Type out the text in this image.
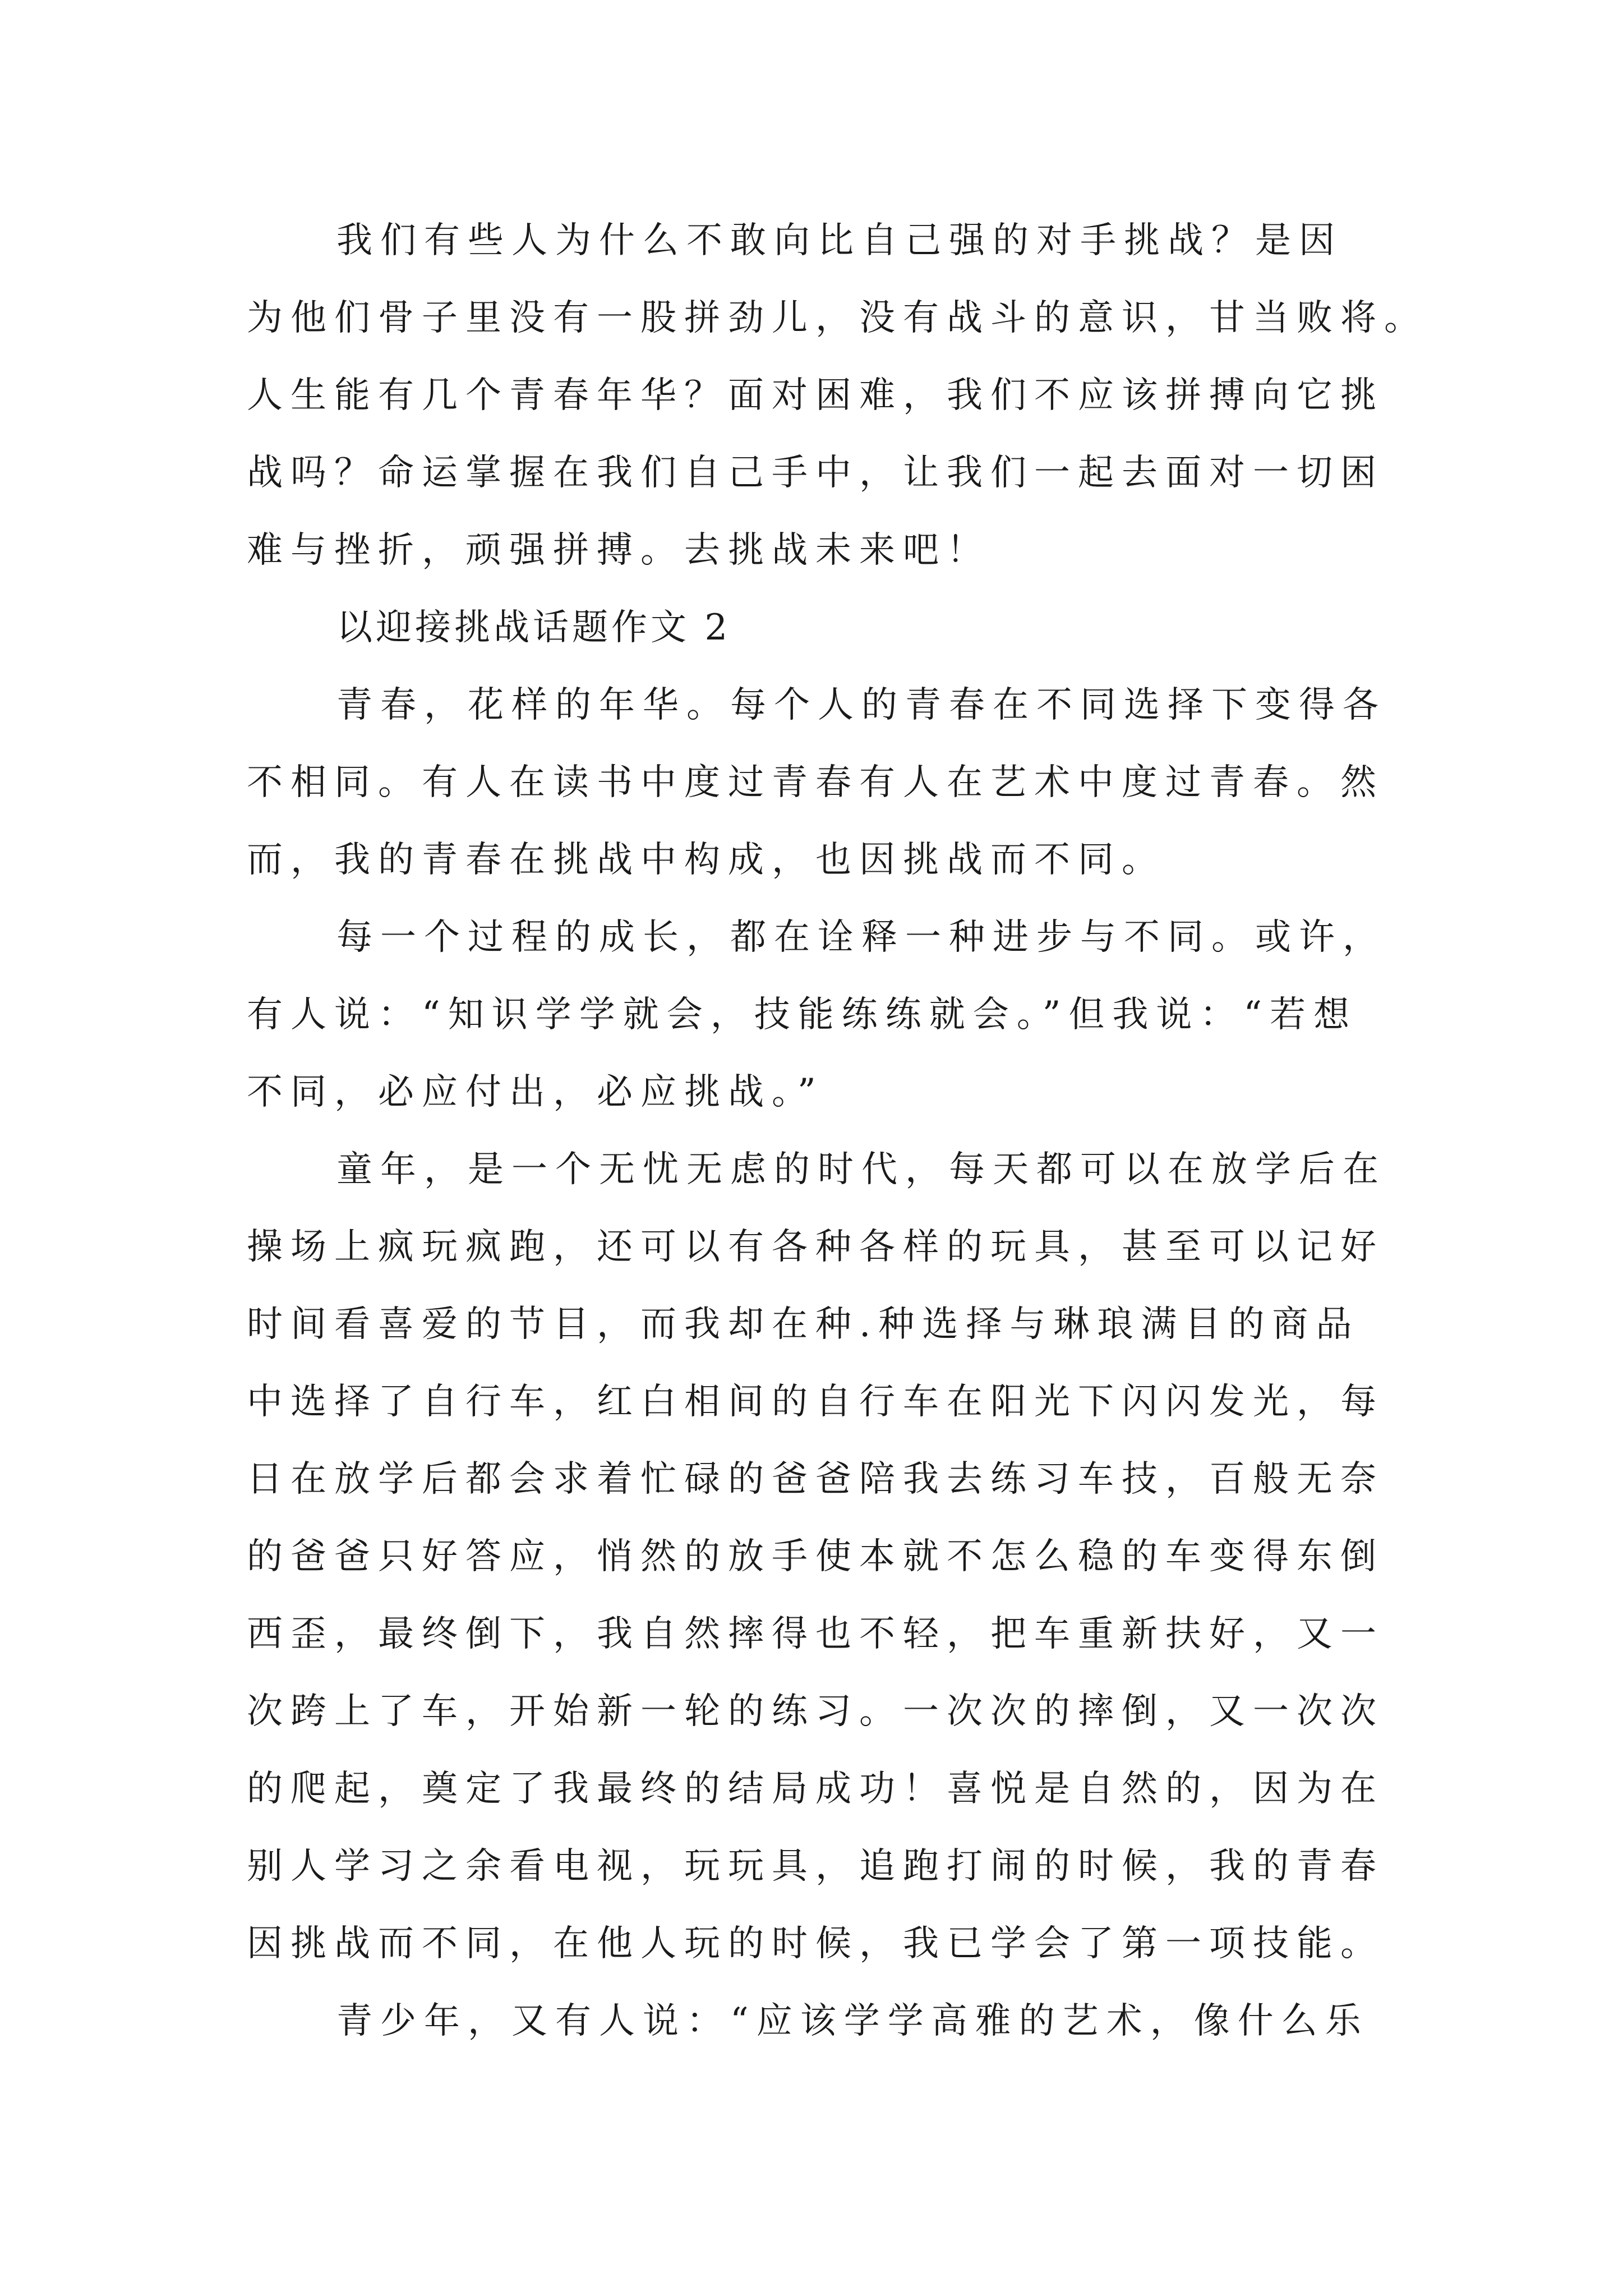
我们有些人为什么不敢向比自己强的对手挑战？是因
为他们骨子里没有一股拼劲儿，没有战斗的意识，甘当败将。
人生能有几个青春年华？面对困难，我们不应该拼搏向它挑
战吗？命运掌握在我们自己手中，让我们一起去面对一切困
难与挫折，顽强拼搏。去挑战未来吧！
以迎接挑战话题作文 2
青春，花样的年华。每个人的青春在不同选择下变得各
不相同。有人在读书中度过青春有人在艺术中度过青春。然
而，我的青春在挑战中构成，也因挑战而不同。
每一个过程的成长，都在诠释一种进步与不同。或许，
有人说：“知识学学就会，技能练练就会。”但我说：“若想
不同，必应付出，必应挑战。”
童年，是一个无忧无虑的时代，每天都可以在放学后在
操场上疯玩疯跑，还可以有各种各样的玩具，甚至可以记好
时间看喜爱的节目，而我却在种.种选择与琳琅满目的商品
中选择了自行车，红白相间的自行车在阳光下闪闪发光，每
日在放学后都会求着忙碌的爸爸陪我去练习车技，百般无奈
的爸爸只好答应，悄然的放手使本就不怎么稳的车变得东倒
西歪，最终倒下，我自然摔得也不轻，把车重新扶好，又一
次跨上了车，开始新一轮的练习。一次次的摔倒，又一次次
的爬起，奠定了我最终的结局成功！喜悦是自然的，因为在
别人学习之余看电视，玩玩具，追跑打闹的时候，我的青春
因挑战而不同，在他人玩的时候，我已学会了第一项技能。
青少年，又有人说：“应该学学高雅的艺术，像什么乐
